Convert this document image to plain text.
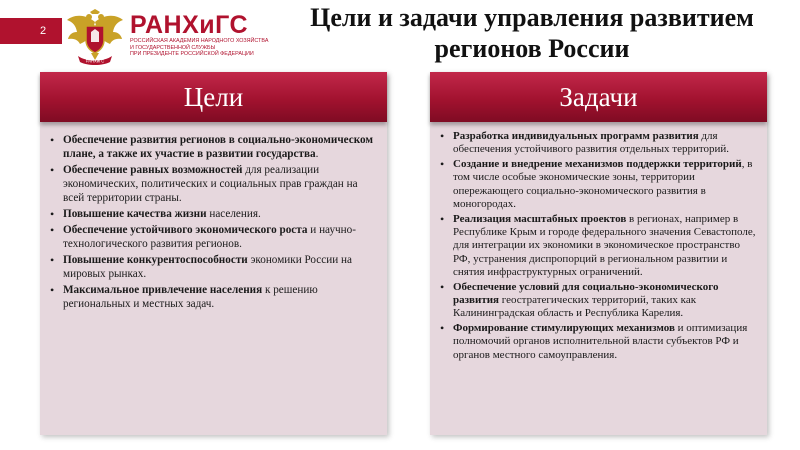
2
РАНХиГС
РАНХиГС
РОССИЙСКАЯ АКАДЕМИЯ НАРОДНОГО ХОЗЯЙСТВА
И ГОСУДАРСТВЕННОЙ СЛУЖБЫ
ПРИ ПРЕЗИДЕНТЕ РОССИЙСКОЙ ФЕДЕРАЦИИ
Цели и задачи управления развитием регионов России
Цели
• Обеспечение развития регионов в социально-экономическом плане, а также их участие в развитии государства.
• Обеспечение равных возможностей для реализации экономических, политических и социальных прав граждан на всей территории страны.
• Повышение качества жизни населения.
• Обеспечение устойчивого экономического роста и научно-технологического развития регионов.
• Повышение конкурентоспособности экономики России на мировых рынках.
• Максимальное привлечение населения к решению региональных и местных задач.
Задачи
• Разработка индивидуальных программ развития для обеспечения устойчивого развития отдельных территорий.
• Создание и внедрение механизмов поддержки территорий, в том числе особые экономические зоны, территории опережающего социально-экономического развития в моногородах.
• Реализация масштабных проектов в регионах, например в Республике Крым и городе федерального значения Севастополе, для интеграции их экономики в экономическое пространство РФ, устранения диспропорций в региональном развитии и снятия инфраструктурных ограничений.
• Обеспечение условий для социально-экономического развития геостратегических территорий, таких как Калининградская область и Республика Карелия.
• Формирование стимулирующих механизмов и оптимизация полномочий органов исполнительной власти субъектов РФ и органов местного самоуправления.
